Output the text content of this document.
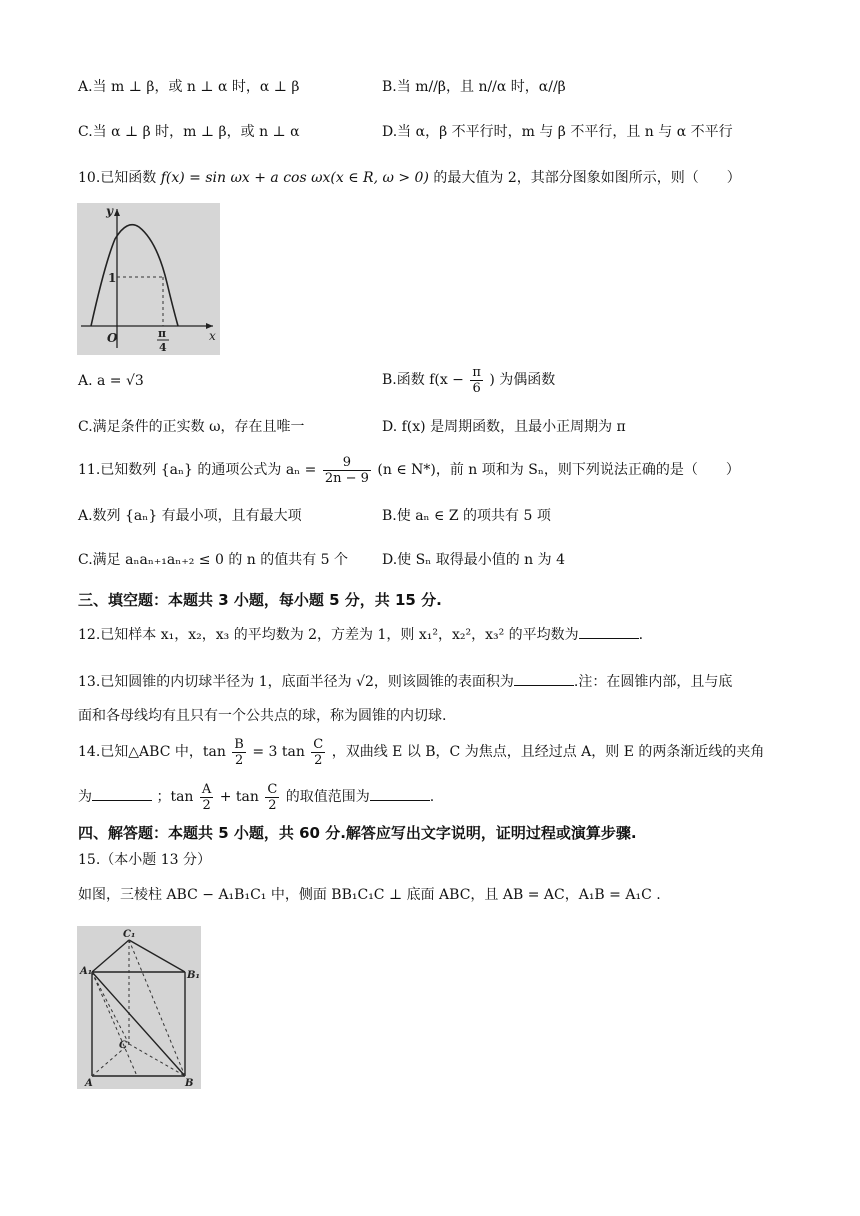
A.当 m ⊥ β，或 n ⊥ α 时，α ⊥ β	B.当 m//β，且 n//α 时，α//β
C.当 α ⊥ β 时，m ⊥ β，或 n ⊥ α	D.当 α，β 不平行时，m 与 β 不平行，且 n 与 α 不平行
10.已知函数 f(x) = sin ωx + a cos ωx(x ∈ R, ω > 0) 的最大值为 2，其部分图象如图所示，则（　　）
y
x
O
1
π
4
A. a = √3	B.函数 $f(x - \frac{\pi}{6}$ ) 为偶函数
C.满足条件的正实数 ω，存在且唯一	D. f(x) 是周期函数，且最小正周期为 π
11.已知数列 {aₙ} 的通项公式为 $a_n = \frac{9}{2n - 9} (n$ ∈ N*)，前 n 项和为 Sₙ，则下列说法正确的是（　　）
A.数列 {aₙ} 有最小项，且有最大项	B.使 aₙ ∈ Z 的项共有 5 项
C.满足 aₙaₙ₊₁aₙ₊₂ ≤ 0 的 n 的值共有 5 个 D.使 Sₙ 取得最小值的 n 为 4
三、填空题：本题共 3 小题，每小题 5 分，共 15 分.
12.已知样本 x₁，x₂，x₃ 的平均数为 2，方差为 1，则 x₁²，x₂²，x₃² 的平均数为	.
13.已知圆锥的内切球半径为 1，底面半径为 √2，则该圆锥的表面积为	.注：在圆锥内部，且与底
面和各母线均有且只有一个公共点的球，称为圆锥的内切球.
14.已知△ABC 中，$\tan \frac{B}{2} = 3$ $\tan \frac{C}{2}$ ，双曲线 E 以 B，C 为焦点，且经过点 A，则 E 的两条渐近线的夹角
为	；$\tan \frac{A}{2} + \tan \frac{C}{2}$ 的取值范围为	.
四、解答题：本题共 5 小题，共 60 分.解答应写出文字说明，证明过程或演算步骤.
15.（本小题 13 分）
如图，三棱柱 ABC − A₁B₁C₁ 中，侧面 BB₁C₁C ⊥ 底面 ABC，且 AB = AC，A₁B = A₁C .
C₁
A₁	B₁
C
A	B
